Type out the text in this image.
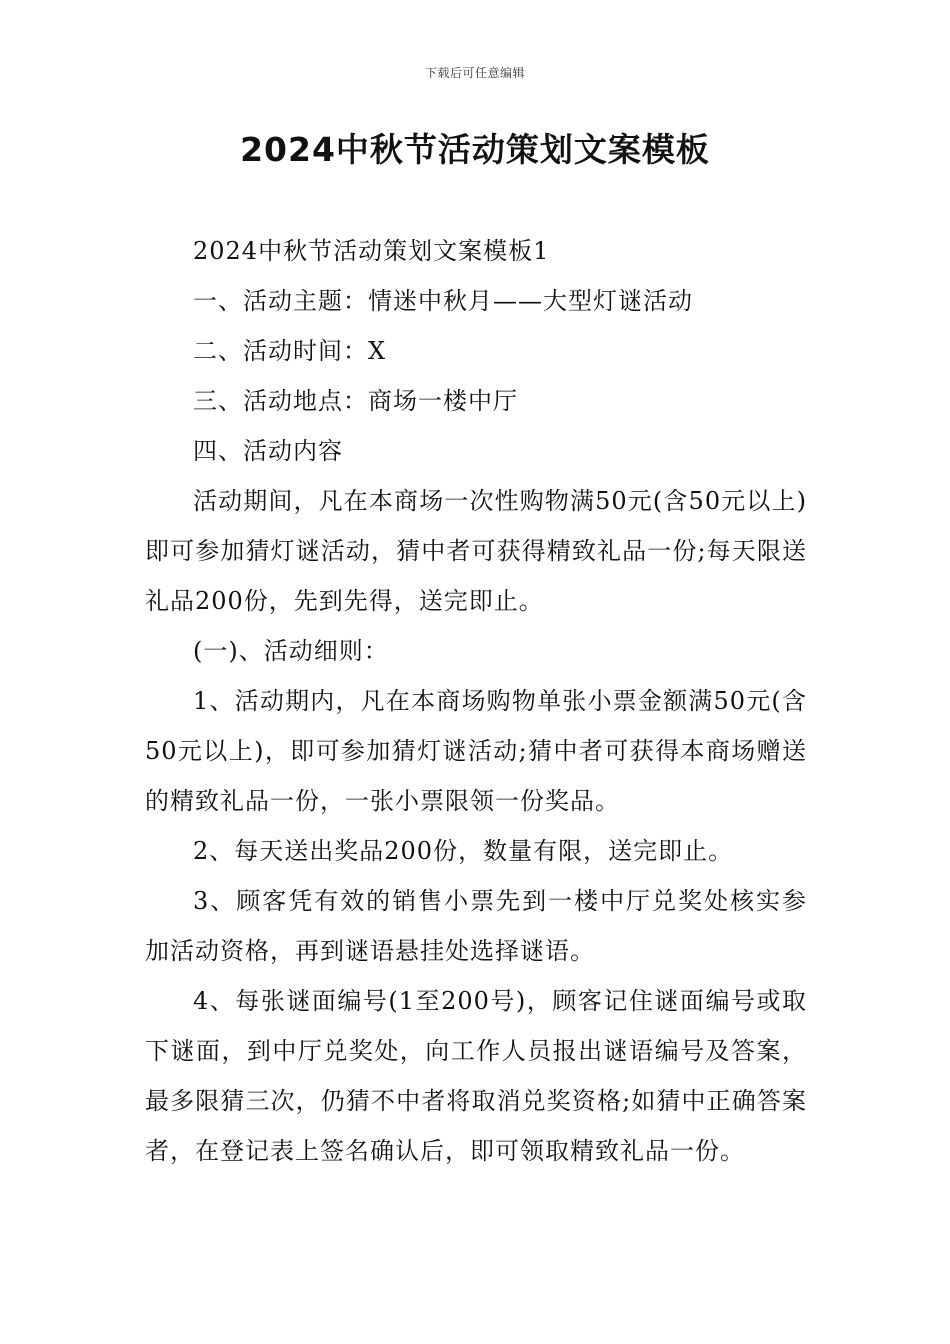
下载后可任意编辑
2024中秋节活动策划文案模板

2024中秋节活动策划文案模板1

一、活动主题：情迷中秋月——大型灯谜活动

二、活动时间：X

三、活动地点：商场一楼中厅

四、活动内容

活动期间，凡在本商场一次性购物满50元(含50元以上)即可参加猜灯谜活动，猜中者可获得精致礼品一份;每天限送礼品200份，先到先得，送完即止。

(一)、活动细则：

1、活动期内，凡在本商场购物单张小票金额满50元(含50元以上)，即可参加猜灯谜活动;猜中者可获得本商场赠送的精致礼品一份，一张小票限领一份奖品。

2、每天送出奖品200份，数量有限，送完即止。

3、顾客凭有效的销售小票先到一楼中厅兑奖处核实参加活动资格，再到谜语悬挂处选择谜语。

4、每张谜面编号(1至200号)，顾客记住谜面编号或取下谜面，到中厅兑奖处，向工作人员报出谜语编号及答案，最多限猜三次，仍猜不中者将取消兑奖资格;如猜中正确答案者，在登记表上签名确认后，即可领取精致礼品一份。
